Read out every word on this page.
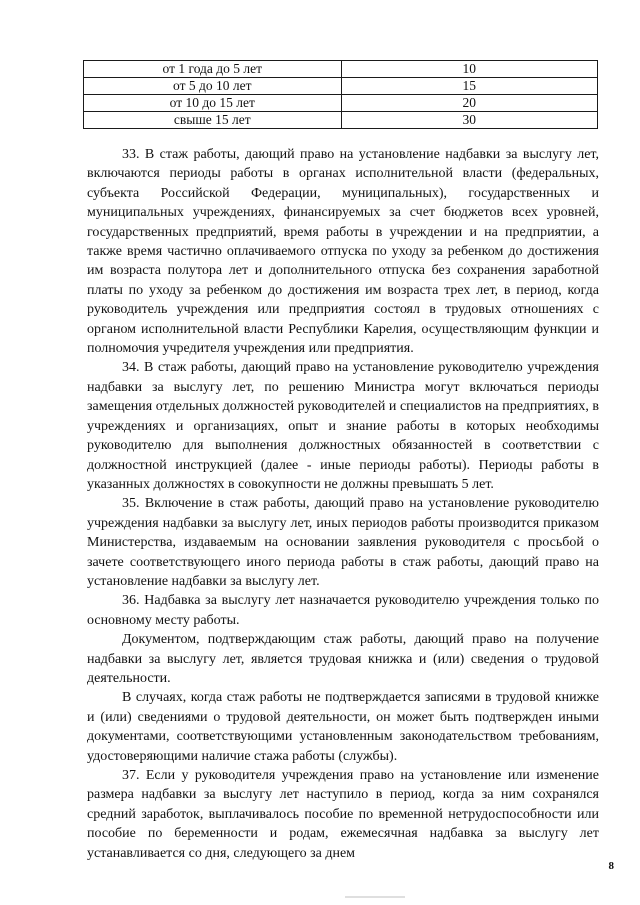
от 1 года до 5 лет	10
от 5 до 10 лет	15
от 10 до 15 лет	20
свыше 15 лет	30

33. В стаж работы, дающий право на установление надбавки за выслугу лет, включаются периоды работы в органах исполнительной власти (федеральных, субъекта Российской Федерации, муниципальных), государственных и муниципальных учреждениях, финансируемых за счет бюджетов всех уровней, государственных предприятий, время работы в учреждении и на предприятии, а также время частично оплачиваемого отпуска по уходу за ребенком до достижения им возраста полутора лет и дополнительного отпуска без сохранения заработной платы по уходу за ребенком до достижения им возраста трех лет, в период, когда руководитель учреждения или предприятия состоял в трудовых отношениях с органом исполнительной власти Республики Карелия, осуществляющим функции и полномочия учредителя учреждения или предприятия.

34. В стаж работы, дающий право на установление руководителю учреждения надбавки за выслугу лет, по решению Министра могут включаться периоды замещения отдельных должностей руководителей и специалистов на предприятиях, в учреждениях и организациях, опыт и знание работы в которых необходимы руководителю для выполнения должностных обязанностей в соответствии с должностной инструкцией (далее - иные периоды работы). Периоды работы в указанных должностях в совокупности не должны превышать 5 лет.

35. Включение в стаж работы, дающий право на установление руководителю учреждения надбавки за выслугу лет, иных периодов работы производится приказом Министерства, издаваемым на основании заявления руководителя с просьбой о зачете соответствующего иного периода работы в стаж работы, дающий право на установление надбавки за выслугу лет.

36. Надбавка за выслугу лет назначается руководителю учреждения только по основному месту работы.

Документом, подтверждающим стаж работы, дающий право на получение надбавки за выслугу лет, является трудовая книжка и (или) сведения о трудовой деятельности.

В случаях, когда стаж работы не подтверждается записями в трудовой книжке и (или) сведениями о трудовой деятельности, он может быть подтвержден иными документами, соответствующими установленным законодательством требованиям, удостоверяющими наличие стажа работы (службы).

37. Если у руководителя учреждения право на установление или изменение размера надбавки за выслугу лет наступило в период, когда за ним сохранялся средний заработок, выплачивалось пособие по временной нетрудоспособности или пособие по беременности и родам, ежемесячная надбавка за выслугу лет устанавливается со дня, следующего за днем

8
